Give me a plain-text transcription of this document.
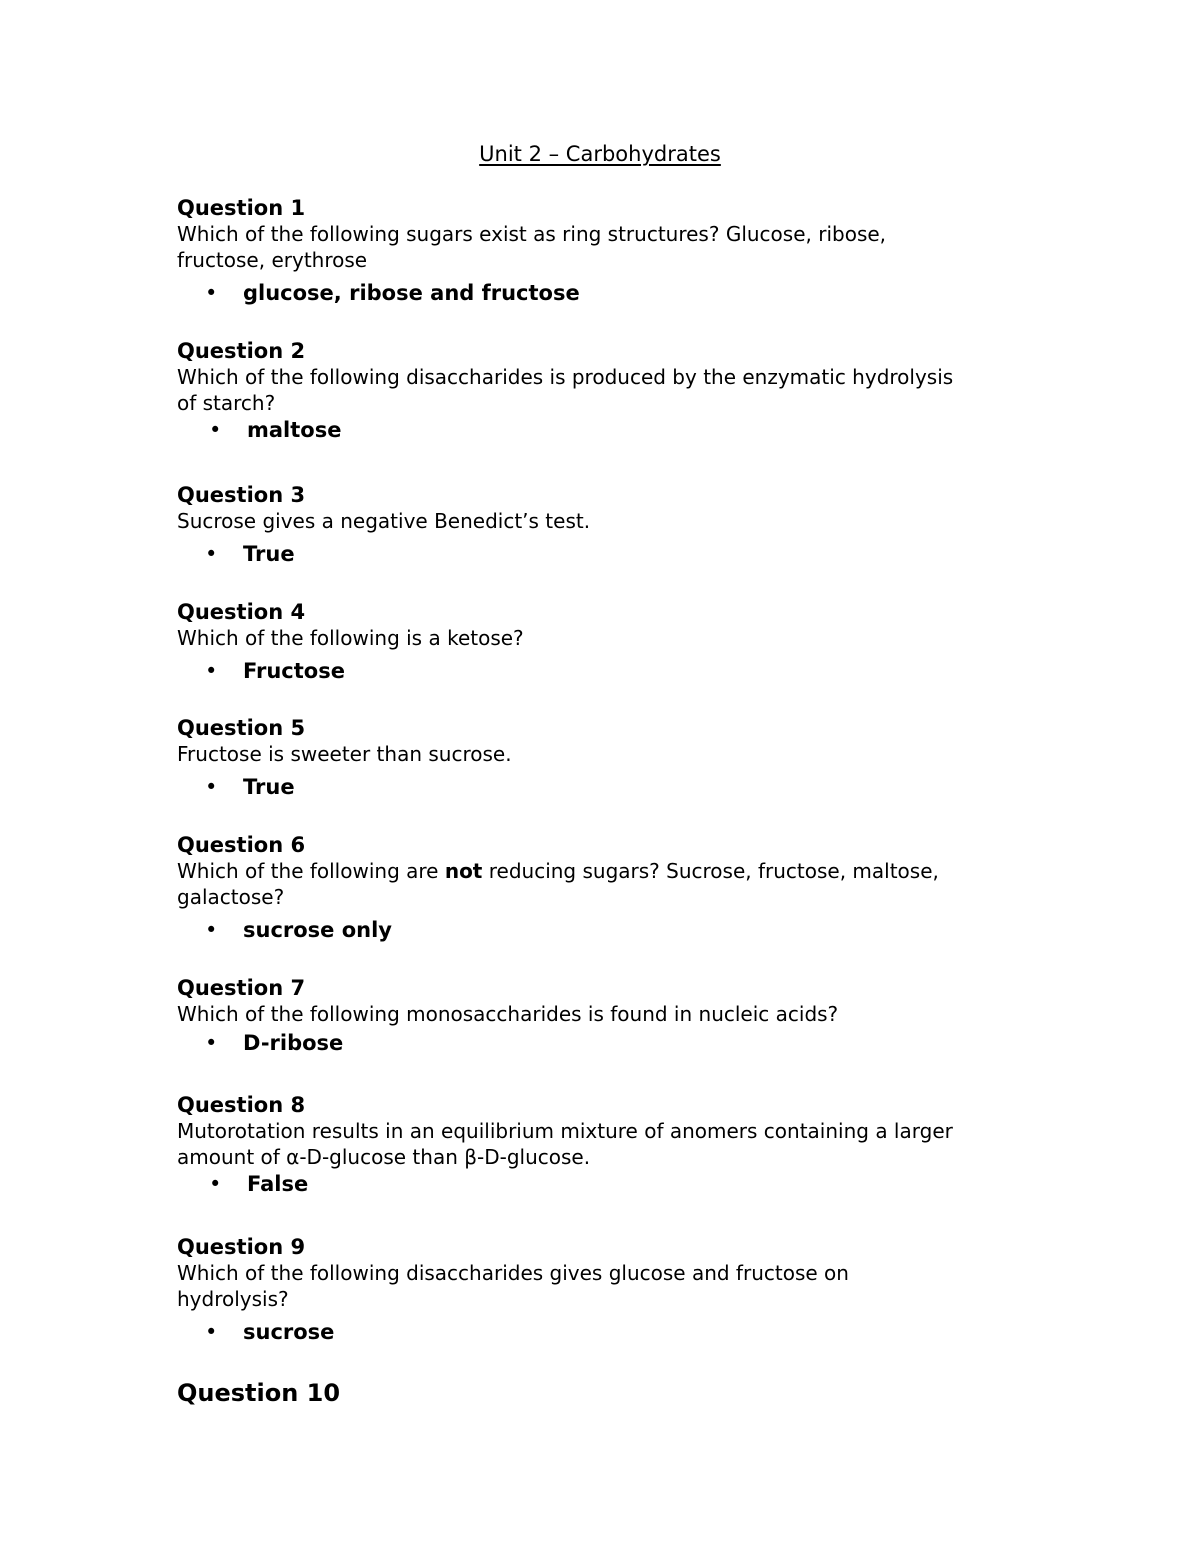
Unit 2 – Carbohydrates

Question 1

Which of the following sugars exist as ring structures? Glucose, ribose,
fructose, erythrose

• glucose, ribose and fructose

Question 2

Which of the following disaccharides is produced by the enzymatic hydrolysis
of starch?

• maltose

Question 3

Sucrose gives a negative Benedict’s test.

• True

Question 4

Which of the following is a ketose?

• Fructose

Question 5

Fructose is sweeter than sucrose.

• True

Question 6

Which of the following are not reducing sugars? Sucrose, fructose, maltose,
galactose?

• sucrose only

Question 7

Which of the following monosaccharides is found in nucleic acids?

• D-ribose

Question 8

Mutorotation results in an equilibrium mixture of anomers containing a larger
amount of α-D-glucose than β-D-glucose.

• False

Question 9

Which of the following disaccharides gives glucose and fructose on
hydrolysis?

• sucrose

Question 10
